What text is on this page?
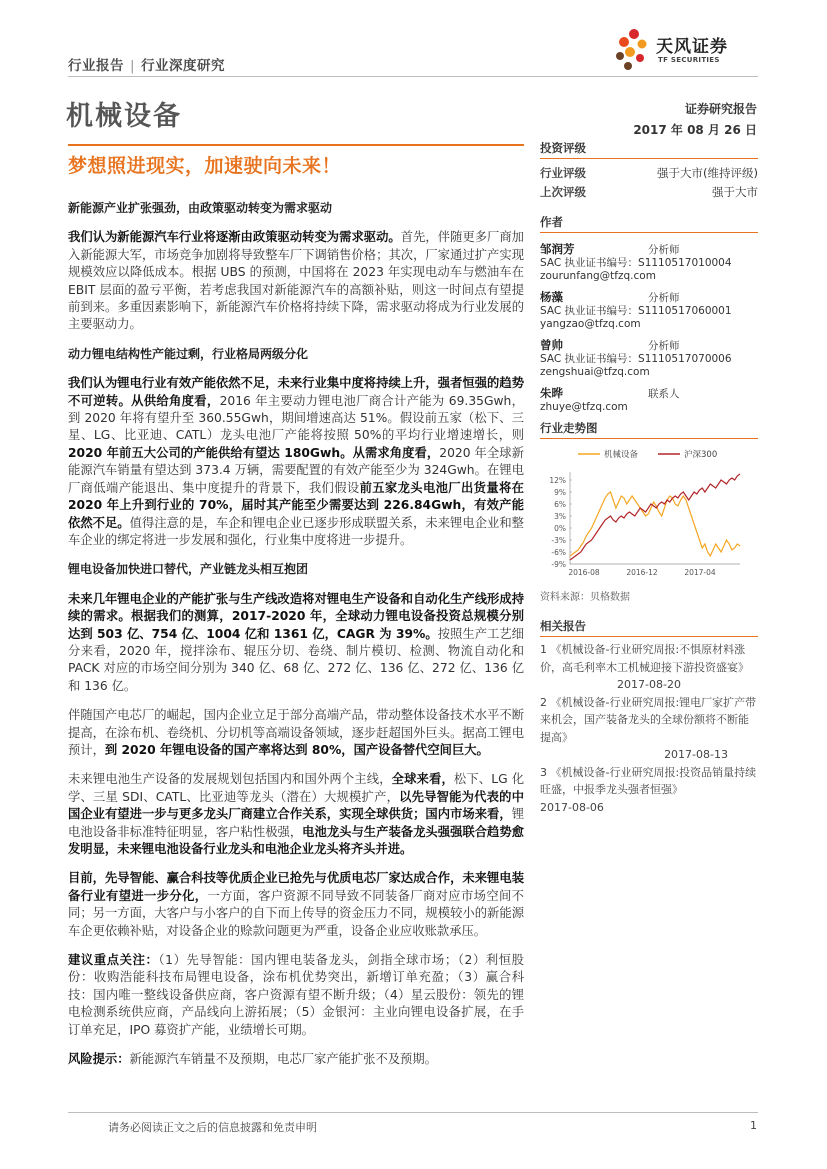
行业报告 | 行业深度研究
天风证券
TF SECURITIES
机械设备	证券研究报告
2017 年 08 月 26 日
梦想照进现实，加速驶向未来！
新能源产业扩张强劲，由政策驱动转变为需求驱动

我们认为新能源汽车行业将逐渐由政策驱动转变为需求驱动。首先，伴随更多厂商加入新能源大军，市场竞争加剧将导致整车厂下调销售价格；其次，厂家通过扩产实现规模效应以降低成本。根据 UBS 的预测，中国将在 2023 年实现电动车与燃油车在 EBIT 层面的盈亏平衡，若考虑我国对新能源汽车的高额补贴，则这一时间点有望提前到来。多重因素影响下，新能源汽车价格将持续下降，需求驱动将成为行业发展的主要驱动力。

动力锂电结构性产能过剩，行业格局两级分化

我们认为锂电行业有效产能依然不足，未来行业集中度将持续上升，强者恒强的趋势不可逆转。从供给角度看，2016 年主要动力锂电池厂商合计产能为 69.35Gwh，到 2020 年将有望升至 360.55Gwh，期间增速高达 51%。假设前五家（松下、三星、LG、比亚迪、CATL）龙头电池厂产能将按照 50%的平均行业增速增长，则 2020 年前五大公司的产能供给有望达 180Gwh。从需求角度看，2020 年全球新能源汽车销量有望达到 373.4 万辆，需要配置的有效产能至少为 324Gwh。在锂电厂商低端产能退出、集中度提升的背景下，我们假设前五家龙头电池厂出货量将在 2020 年上升到行业的 70%，届时其产能至少需要达到 226.84Gwh，有效产能依然不足。值得注意的是，车企和锂电企业已逐步形成联盟关系，未来锂电企业和整车企业的绑定将进一步发展和强化，行业集中度将进一步提升。

锂电设备加快进口替代，产业链龙头相互抱团

未来几年锂电企业的产能扩张与生产线改造将对锂电生产设备和自动化生产线形成持续的需求。根据我们的测算，2017-2020 年，全球动力锂电设备投资总规模分别达到 503 亿、754 亿、1004 亿和 1361 亿，CAGR 为 39%。按照生产工艺细分来看，2020 年，搅拌涂布、辊压分切、卷绕、制片模切、检测、物流自动化和 PACK 对应的市场空间分别为 340 亿、68 亿、272 亿、136 亿、272 亿、136 亿和 136 亿。

伴随国产电芯厂的崛起，国内企业立足于部分高端产品，带动整体设备技术水平不断提高，在涂布机、卷绕机、分切机等高端设备领域，逐步赶超国外巨头。据高工锂电预计，到 2020 年锂电设备的国产率将达到 80%，国产设备替代空间巨大。

未来锂电池生产设备的发展规划包括国内和国外两个主线，全球来看，松下、LG 化学、三星 SDI、CATL、比亚迪等龙头（潜在）大规模扩产，以先导智能为代表的中国企业有望进一步与更多龙头厂商建立合作关系，实现全球供货；国内市场来看，锂电池设备非标准特征明显，客户粘性极强，电池龙头与生产装备龙头强强联合趋势愈发明显，未来锂电池设备行业龙头和电池企业龙头将齐头并进。

目前，先导智能、赢合科技等优质企业已抢先与优质电芯厂家达成合作，未来锂电装备行业有望进一步分化，一方面，客户资源不同导致不同装备厂商对应市场空间不同；另一方面，大客户与小客户的自下而上传导的资金压力不同，规模较小的新能源车企更依赖补贴，对设备企业的赊款问题更为严重，设备企业应收账款承压。

建议重点关注：（1）先导智能：国内锂电装备龙头，剑指全球市场；（2）利恒股份：收购浩能科技布局锂电设备，涂布机优势突出，新增订单充盈；（3）赢合科技：国内唯一整线设备供应商，客户资源有望不断升级；（4）星云股份：领先的锂电检测系统供应商，产品线向上游拓展；（5）金银河：主业向锂电设备扩展，在手订单充足，IPO 募资扩产能，业绩增长可期。

风险提示：新能源汽车销量不及预期，电芯厂家产能扩张不及预期。

投资评级
行业评级	强于大市(维持评级)
上次评级	强于大市
作者
邹润芳	分析师
SAC 执业证书编号：S1110517010004
zourunfang@tfzq.com
杨藻	分析师
SAC 执业证书编号：S1110517060001
yangzao@tfzq.com
曾帅	分析师
SAC 执业证书编号：S1110517070006
zengshuai@tfzq.com
朱晔	联系人
zhuye@tfzq.com
行业走势图
机械设备	沪深300
12%
9%
6%
3%
0%
-3%
-6%
-9%
2016-08	2016-12	2017-04
资料来源：贝格数据
相关报告
1 《机械设备-行业研究周报:不惧原材料涨价，高毛利率木工机械迎接下游投资盛宴》
2017-08-20
2 《机械设备-行业研究周报:锂电厂家扩产带来机会，国产装备龙头的全球份额将不断能提高》
2017-08-13
3 《机械设备-行业研究周报:投资品销量持续旺盛，中报季龙头强者恒强》
2017-08-06
请务必阅读正文之后的信息披露和免责申明	1
